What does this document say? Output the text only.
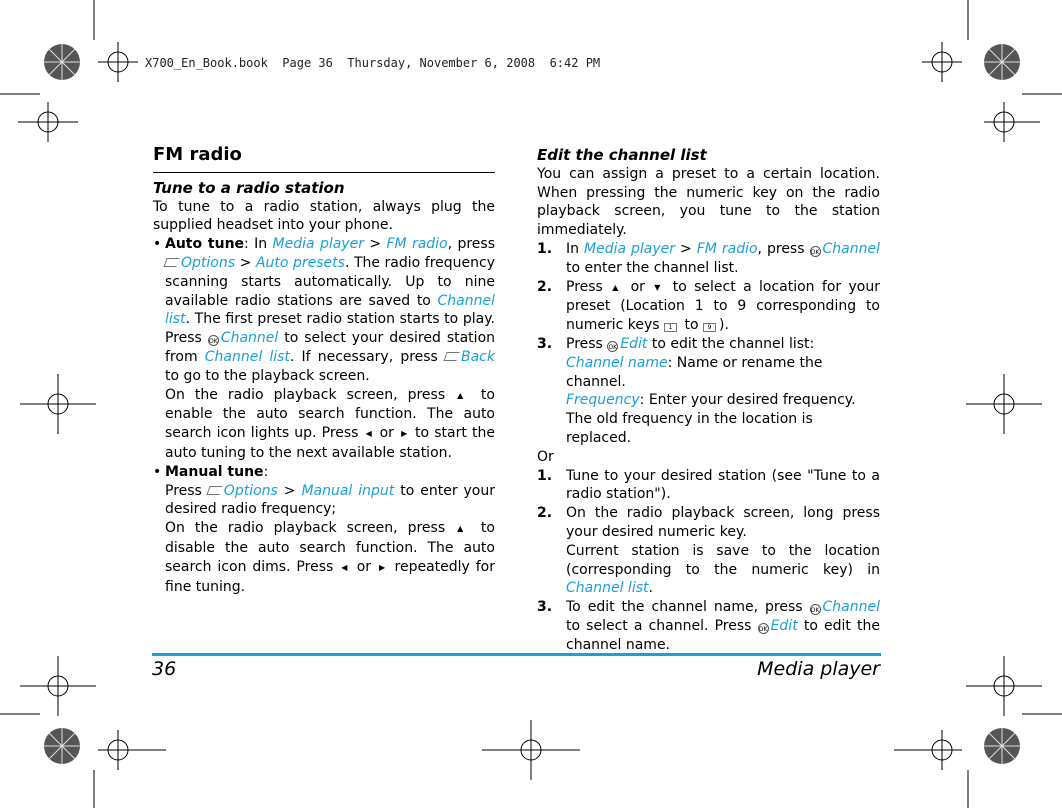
X700_En_Book.book  Page 36  Thursday, November 6, 2008  6:42 PM
FM radio
Tune to a radio station

To tune to a radio station, always plug the supplied headset into your phone.

• Auto tune: In Media player > FM radio, press Options > Auto presets. The radio frequency scanning starts automatically. Up to nine available radio stations are saved to Channel list. The first preset radio station starts to play. Press OK Channel to select your desired station from Channel list. If necessary, press Back to go to the playback screen.

On the radio playback screen, press ▲ to enable the auto search function. The auto search icon lights up. Press ◀ or ▶ to start the auto tuning to the next available station.

• Manual tune:

Press Options > Manual input to enter your desired radio frequency;

On the radio playback screen, press ▲ to disable the auto search function. The auto search icon dims. Press ◀ or ▶ repeatedly for fine tuning.

Edit the channel list

You can assign a preset to a certain location. When pressing the numeric key on the radio playback screen, you tune to the station immediately.

1. In Media player > FM radio, press OK Channel to enter the channel list.

2. Press ▲ or ▼ to select a location for your preset (Location 1 to 9 corresponding to numeric keys 1 to 9 ).

3. Press OK Edit to edit the channel list:

Channel name: Name or rename the channel.

Frequency: Enter your desired frequency.

The old frequency in the location is replaced.

Or

1. Tune to your desired station (see "Tune to a radio station").

2. On the radio playback screen, long press your desired numeric key.

Current station is save to the location (corresponding to the numeric key) in Channel list.

3. To edit the channel name, press OK Channel to select a channel. Press OK Edit to edit the channel name.

36	Media player
